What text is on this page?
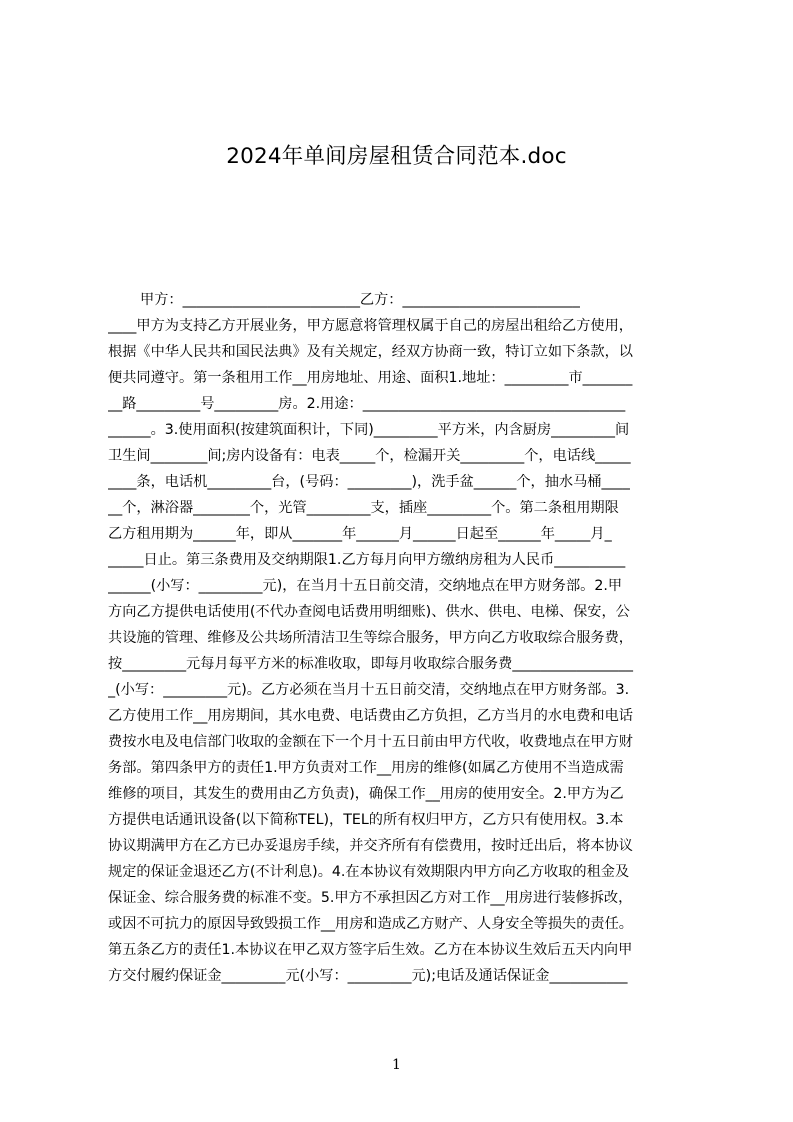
2024年单间房屋租赁合同范本.doc
甲方：_________________________乙方：_________________________
____甲方为支持乙方开展业务，甲方愿意将管理权属于自己的房屋出租给乙方使用，
根据《中华人民共和国民法典》及有关规定，经双方协商一致，特订立如下条款，以
便共同遵守。第一条租用工作__用房地址、用途、面积1.地址：_________市_______
__路_________号_________房。2.用途：_____________________________________
______。3.使用面积(按建筑面积计，下同)_________平方米，内含厨房_________间
卫生间________间;房内设备有：电表_____个，检漏开关_________个，电话线_____
____条，电话机_________台，(号码：_________)，洗手盆______个，抽水马桶____
__个，淋浴器________个，光管_________支，插座_________个。第二条租用期限
乙方租用期为______年，即从_______年______月______日起至______年_____月_
_____日止。第三条费用及交纳期限1.乙方每月向甲方缴纳房租为人民币__________
______(小写：_________元)，在当月十五日前交清，交纳地点在甲方财务部。2.甲
方向乙方提供电话使用(不代办查阅电话费用明细账)、供水、供电、电梯、保安，公
共设施的管理、维修及公共场所清洁卫生等综合服务，甲方向乙方收取综合服务费，
按_________元每月每平方米的标准收取，即每月收取综合服务费_________________
_(小写：_________元)。乙方必须在当月十五日前交清，交纳地点在甲方财务部。3.
乙方使用工作__用房期间，其水电费、电话费由乙方负担，乙方当月的水电费和电话
费按水电及电信部门收取的金额在下一个月十五日前由甲方代收，收费地点在甲方财
务部。第四条甲方的责任1.甲方负责对工作__用房的维修(如属乙方使用不当造成需
维修的项目，其发生的费用由乙方负责)，确保工作__用房的使用安全。2.甲方为乙
方提供电话通讯设备(以下简称TEL)，TEL的所有权归甲方，乙方只有使用权。3.本
协议期满甲方在乙方已办妥退房手续，并交齐所有有偿费用，按时迁出后，将本协议
规定的保证金退还乙方(不计利息)。4.在本协议有效期限内甲方向乙方收取的租金及
保证金、综合服务费的标准不变。5.甲方不承担因乙方对工作__用房进行装修拆改，
或因不可抗力的原因导致毁损工作__用房和造成乙方财产、人身安全等损失的责任。
第五条乙方的责任1.本协议在甲乙双方签字后生效。乙方在本协议生效后五天内向甲
方交付履约保证金_________元(小写：_________元);电话及通话保证金___________
1
